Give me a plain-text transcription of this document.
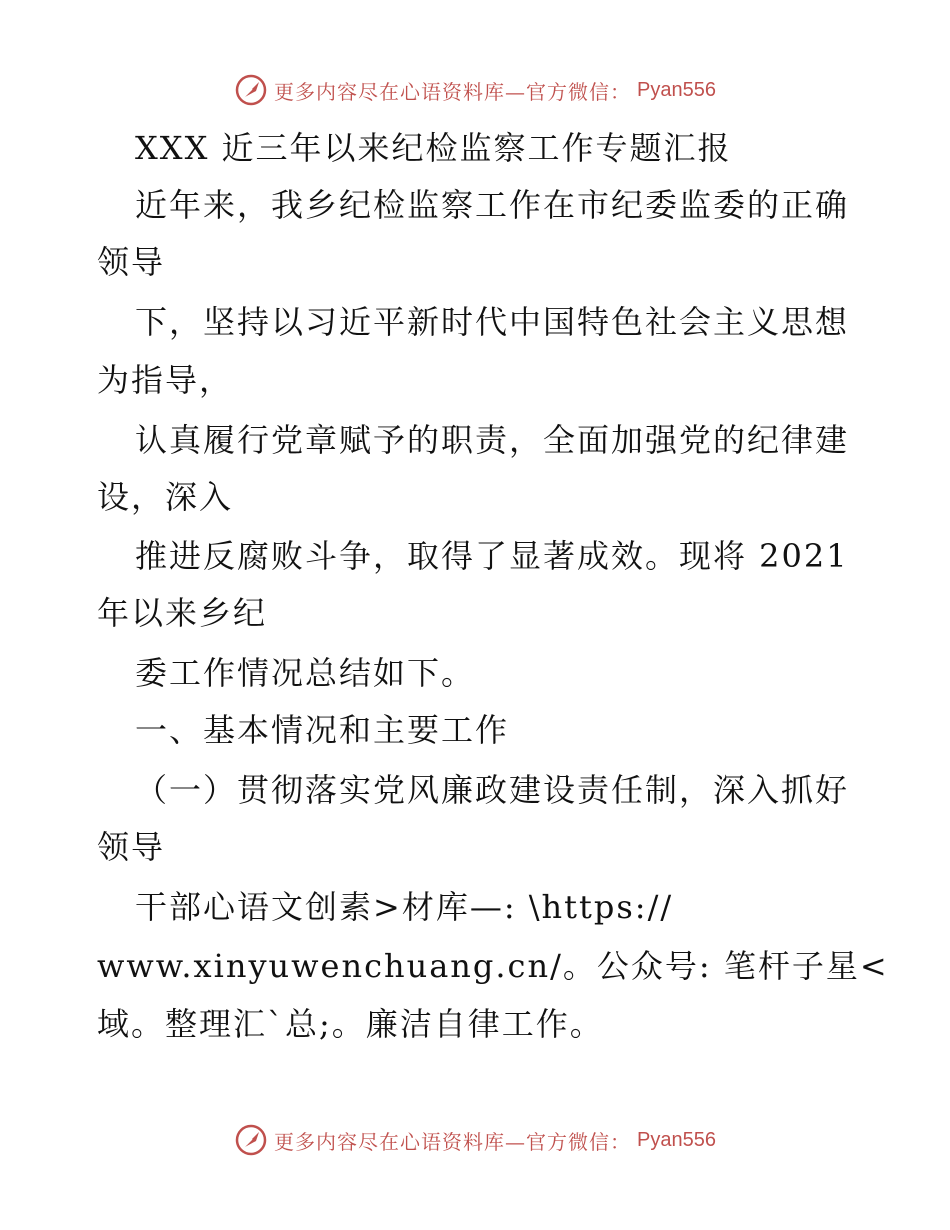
更多内容尽在心语资料库—官方微信： Pyan556
XXX 近三年以来纪检监察工作专题汇报
近年来，我乡纪检监察工作在市纪委监委的正确
领导
下，坚持以习近平新时代中国特色社会主义思想
为指导，
认真履行党章赋予的职责，全面加强党的纪律建
设，深入
推进反腐败斗争，取得了显著成效。现将 2021
年以来乡纪
委工作情况总结如下。
一、基本情况和主要工作
（一）贯彻落实党风廉政建设责任制，深入抓好
领导
干部心语文创素>材库—: \https://
www.xinyuwenchuang.cn/。公众号: 笔杆子星<
域。整理汇`总;。廉洁自律工作。
更多内容尽在心语资料库—官方微信： Pyan556
